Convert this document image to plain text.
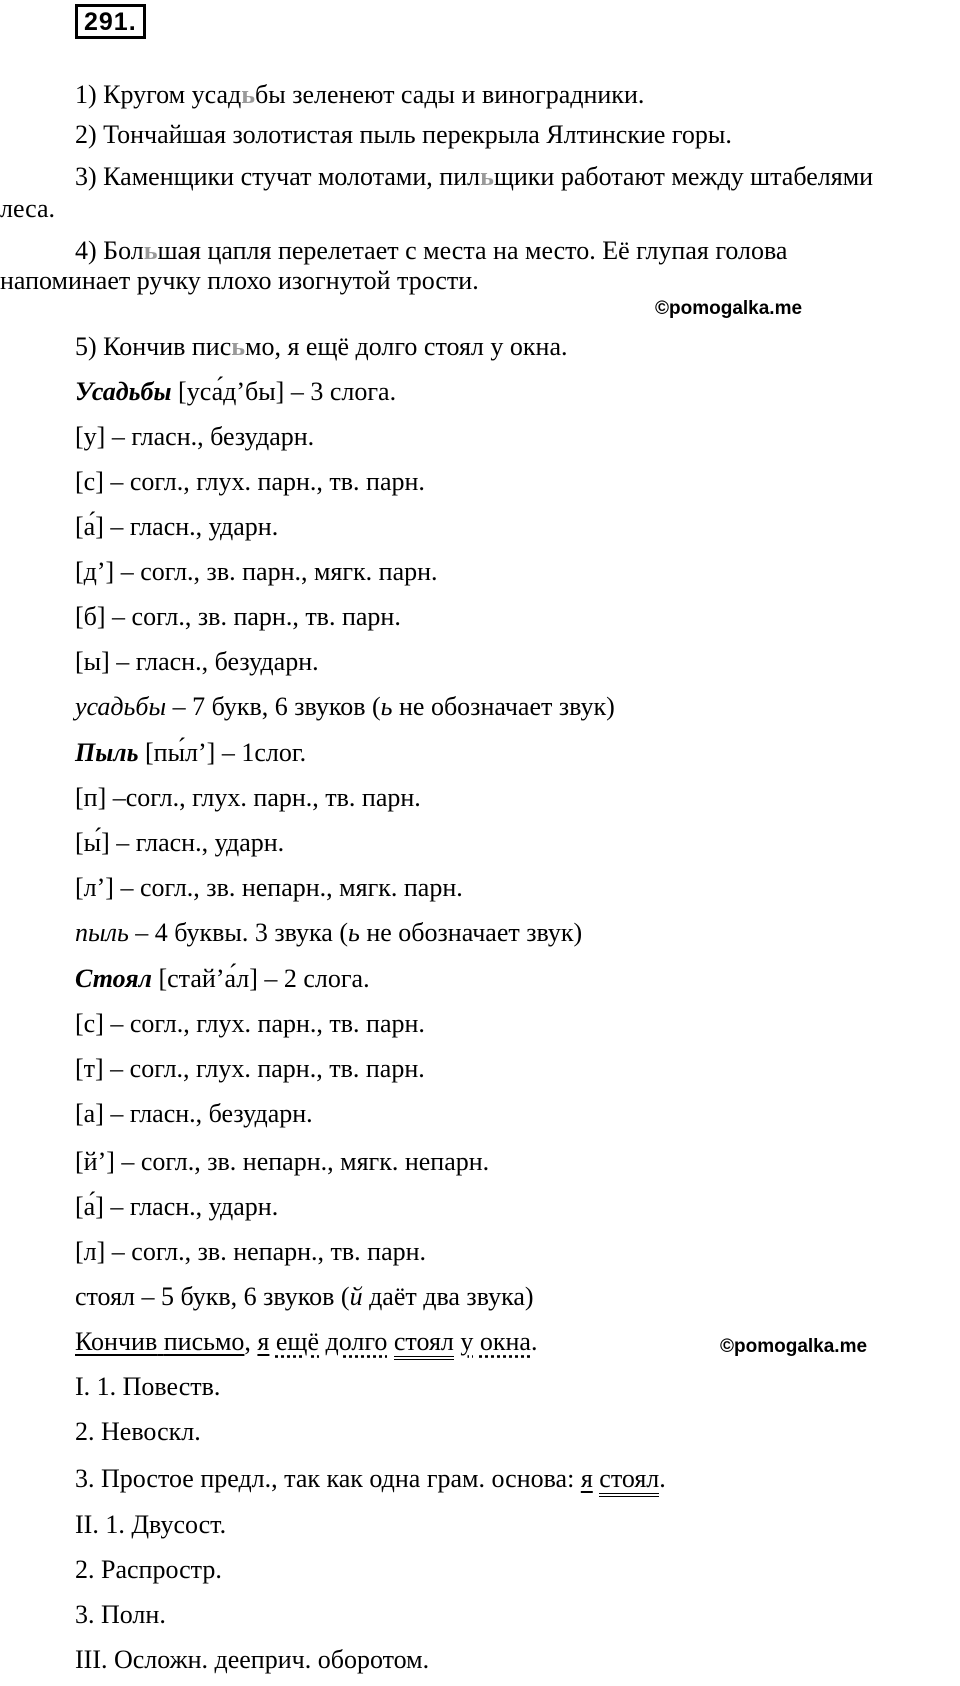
291.
1) Кругом усадьбы зеленеют сады и виноградники.
2) Тончайшая золотистая пыль перекрыла Ялтинские горы.
3) Каменщики стучат молотами, пильщики работают между штабелями
леса.
4) Большая цапля перелетает с места на место. Её глупая голова
напоминает ручку плохо изогнутой трости.
©pomogalka.me
5) Кончив письмо, я ещё долго стоял у окна.
Усадьбы [уса́д’бы] – 3 слога.
[у] – гласн., безударн.
[с] – согл., глух. парн., тв. парн.
[а́] – гласн., ударн.
[д’] – согл., зв. парн., мягк. парн.
[б] – согл., зв. парн., тв. парн.
[ы] – гласн., безударн.
усадьбы – 7 букв, 6 звуков (ь не обозначает звук)
Пыль [пы́л’] – 1слог.
[п] –согл., глух. парн., тв. парн.
[ы́] – гласн., ударн.
[л’] – согл., зв. непарн., мягк. парн.
пыль – 4 буквы. 3 звука (ь не обозначает звук)
Стоял [стай’а́л] – 2 слога.
[с] – согл., глух. парн., тв. парн.
[т] – согл., глух. парн., тв. парн.
[а] – гласн., безударн.
[й’] – согл., зв. непарн., мягк. непарн.
[а́] – гласн., ударн.
[л] – согл., зв. непарн., тв. парн.
стоял – 5 букв, 6 звуков (й даёт два звука)
Кончив письмо, я ещё долго стоял у окна.	©pomogalka.me
I. 1. Повеств.
2. Невоскл.
3. Простое предл., так как одна грам. основа: я стоял.
II. 1. Двусост.
2. Распростр.
3. Полн.
III. Осложн. дееприч. оборотом.
